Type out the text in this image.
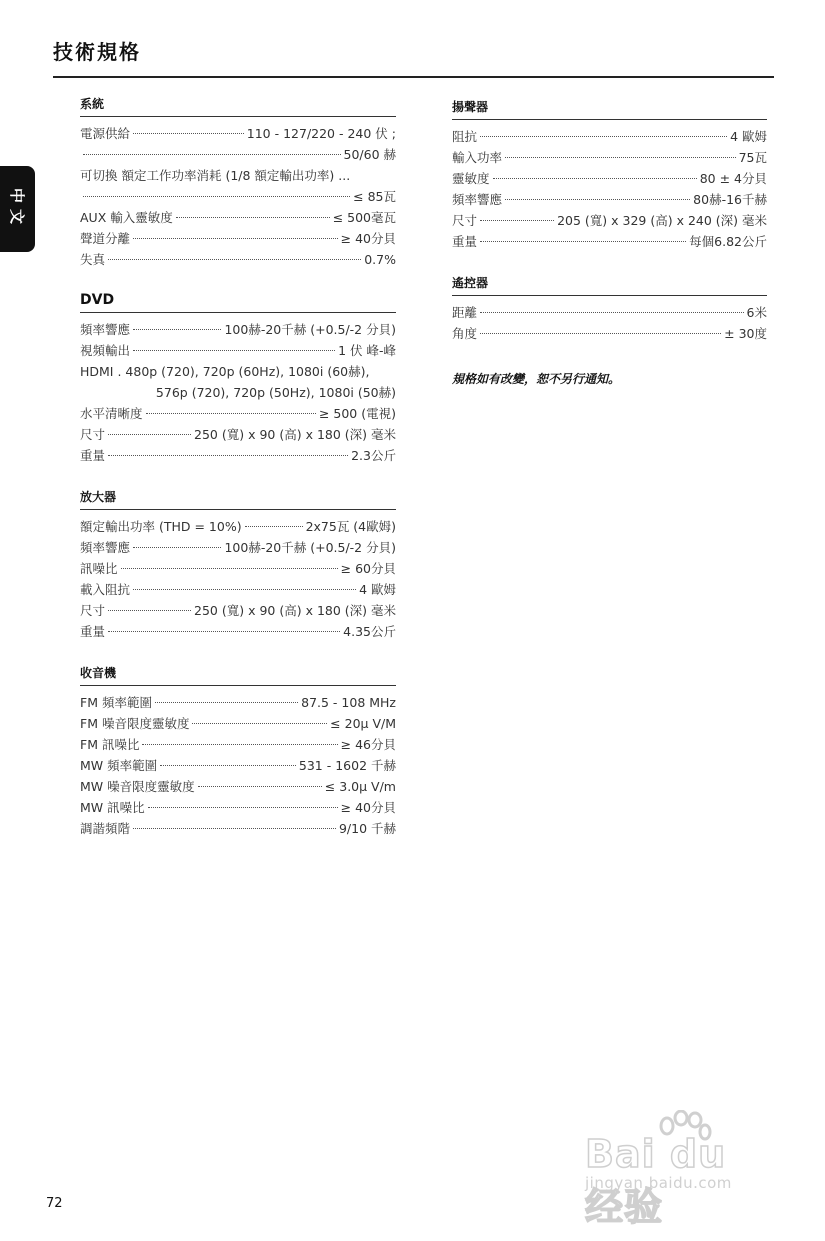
技術規格
中文
系統
電源供給	110 - 127/220 - 240 伏 ;
50/60 赫
可切換 額定工作功率消耗 (1/8 額定輸出功率) ...
≤ 85瓦
AUX 輸入靈敏度	≤ 500毫瓦
聲道分離	≥ 40分貝
失真	0.7%
DVD
頻率響應	100赫-20千赫 (+0.5/-2 分貝)
視頻輸出	1 伏 峰-峰
HDMI . 480p (720), 720p (60Hz), 1080i (60赫),
576p (720), 720p (50Hz), 1080i (50赫)
水平清晰度	≥ 500 (電視)
尺寸	250 (寬) x 90 (高) x 180 (深) 毫米
重量	2.3公斤
放大器
額定輸出功率 (THD = 10%)	2x75瓦 (4歐姆)
頻率響應	100赫-20千赫 (+0.5/-2 分貝)
訊噪比	≥ 60分貝
載入阻抗	4 歐姆
尺寸	250 (寬) x 90 (高) x 180 (深) 毫米
重量	4.35公斤
收音機
FM 頻率範圍	87.5 - 108 MHz
FM 噪音限度靈敏度	≤ 20µ V/M
FM 訊噪比	≥ 46分貝
MW 頻率範圍	531 - 1602 千赫
MW 噪音限度靈敏度	≤ 3.0µ V/m
MW 訊噪比	≥ 40分貝
調諧頻階	9/10 千赫
揚聲器
阻抗	4 歐姆
輸入功率	75瓦
靈敏度	80 ± 4分貝
頻率響應	80赫-16千赫
尺寸	205 (寬) x 329 (高) x 240 (深) 毫米
重量	每個6.82公斤
遙控器
距離	6米
角度	± 30度
規格如有改變，恕不另行通知。
72
Bai du 经验
jingyan.baidu.com
